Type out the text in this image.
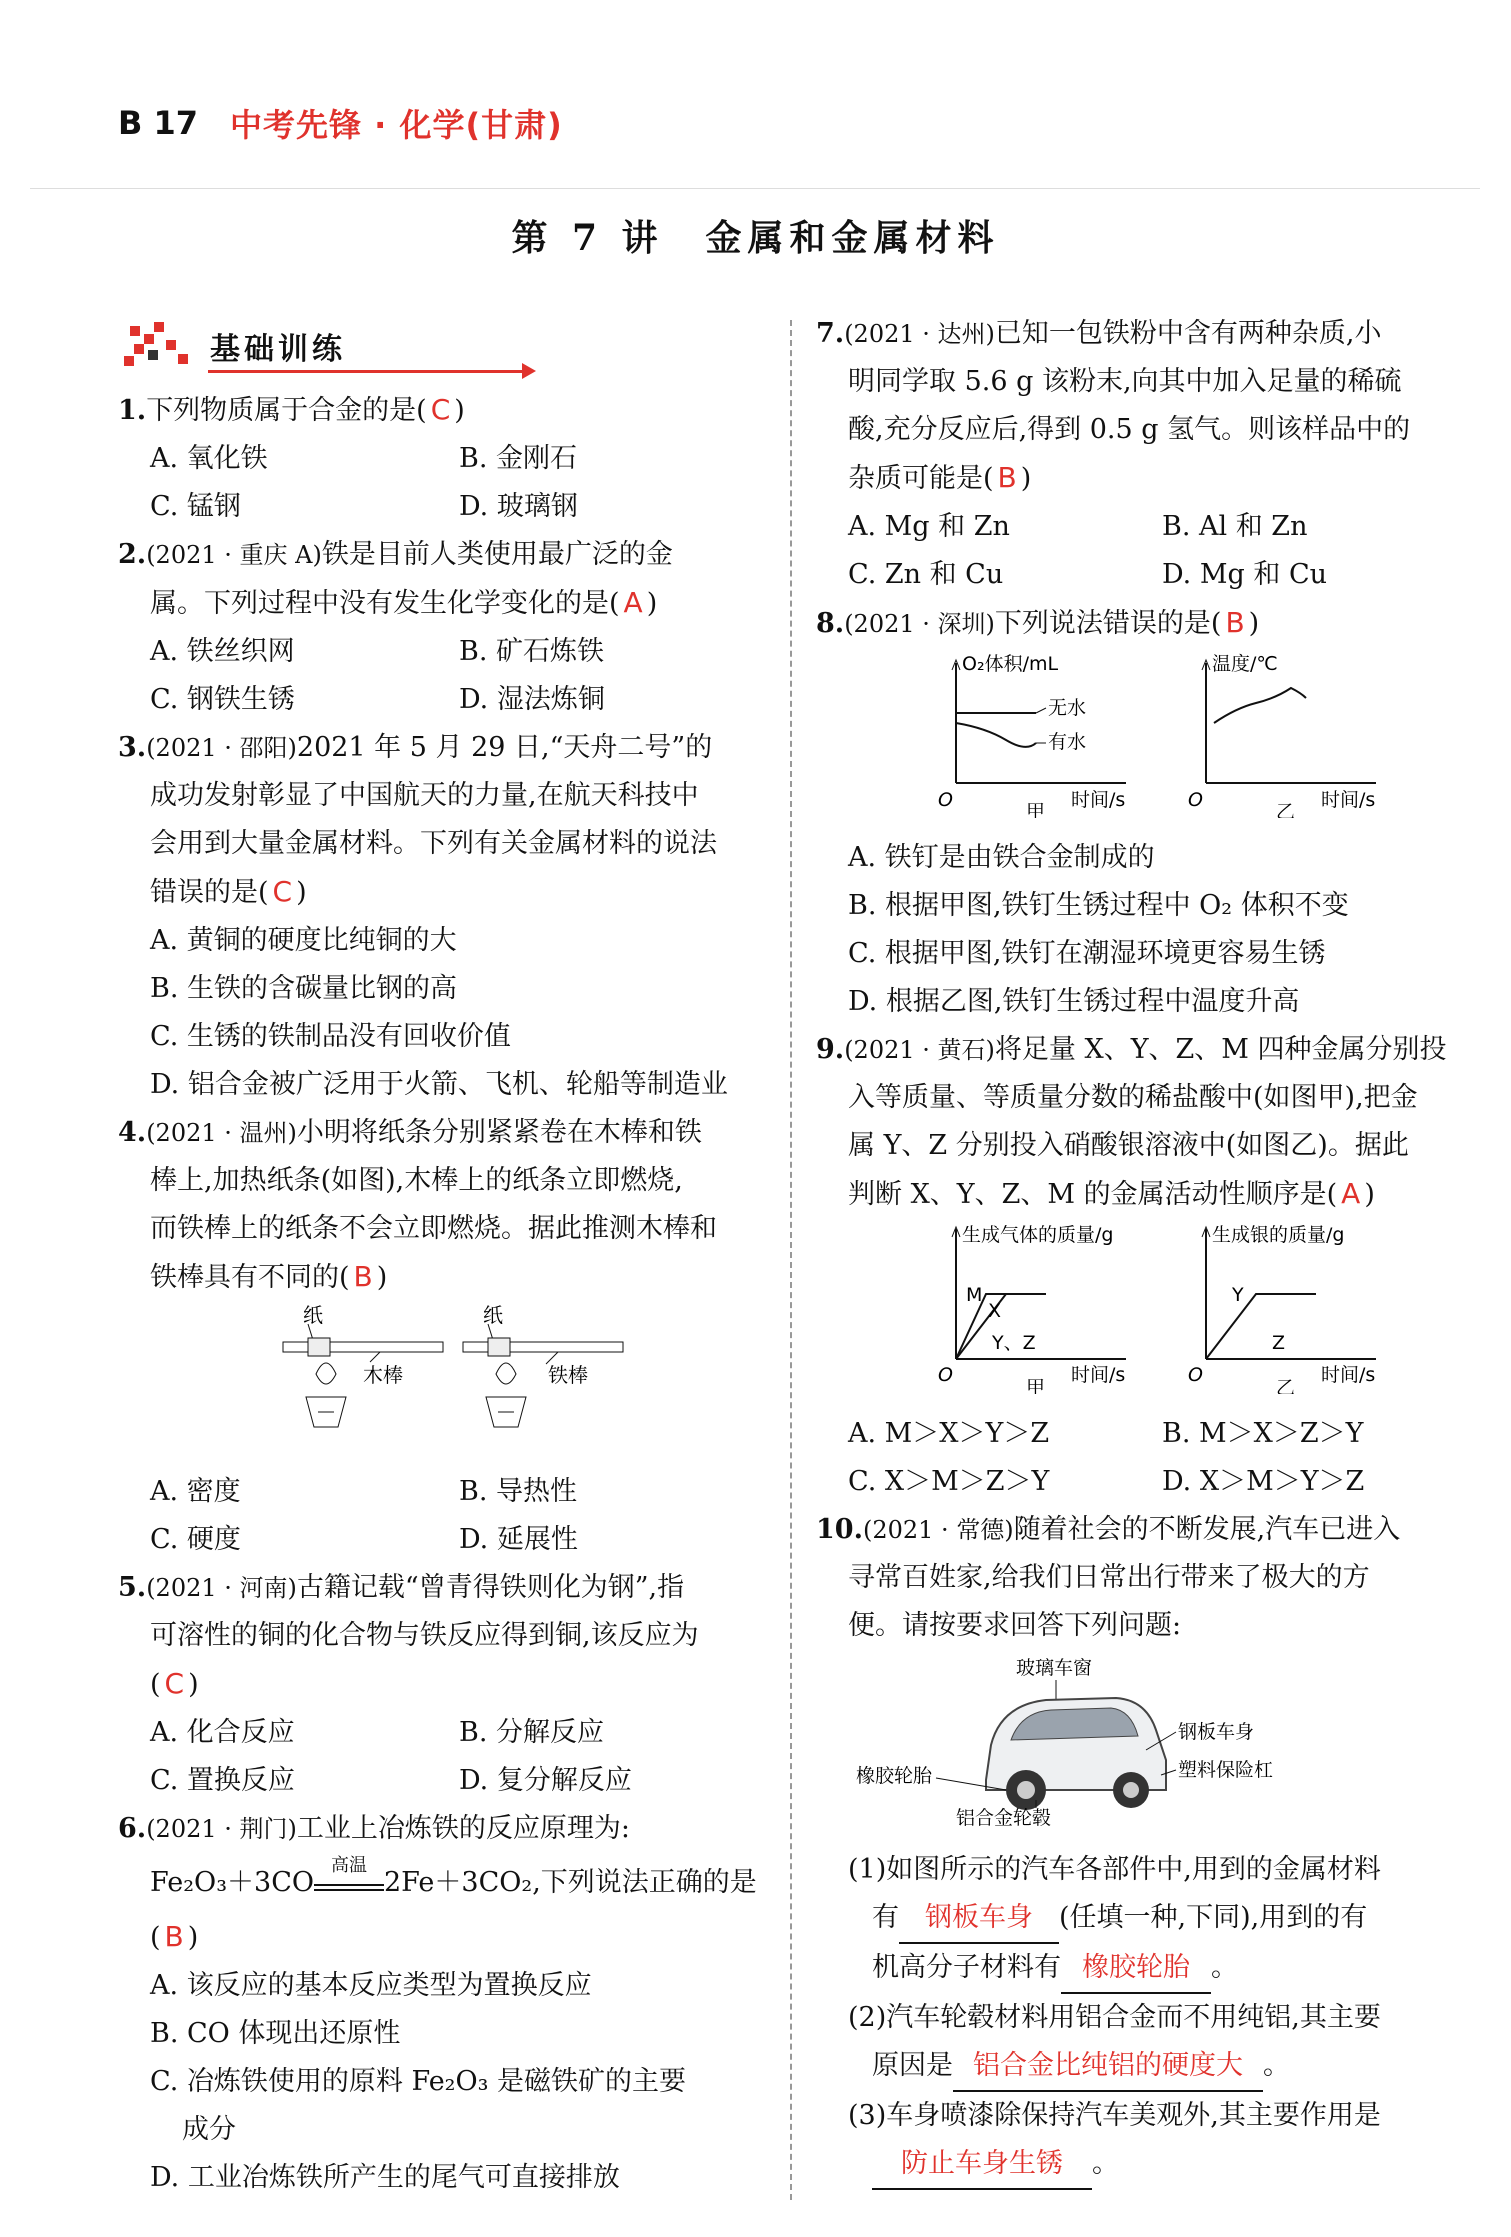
B 17 中考先锋 · 化学(甘肃)
第 7 讲　金属和金属材料
基础训练
1.下列物质属于合金的是( C )
A. 氧化铁	B. 金刚石
C. 锰钢	D. 玻璃钢
2.(2021 · 重庆 A)铁是目前人类使用最广泛的金
属。下列过程中没有发生化学变化的是( A )
A. 铁丝织网	B. 矿石炼铁
C. 钢铁生锈	D. 湿法炼铜
3.(2021 · 邵阳)2021 年 5 月 29 日,“天舟二号”的
成功发射彰显了中国航天的力量,在航天科技中
会用到大量金属材料。下列有关金属材料的说法
错误的是( C )
A. 黄铜的硬度比纯铜的大
B. 生铁的含碳量比钢的高
C. 生锈的铁制品没有回收价值
D. 铝合金被广泛用于火箭、飞机、轮船等制造业
4.(2021 · 温州)小明将纸条分别紧紧卷在木棒和铁
棒上,加热纸条(如图),木棒上的纸条立即燃烧,
而铁棒上的纸条不会立即燃烧。据此推测木棒和
铁棒具有不同的( B )
纸
木棒
纸
铁棒
A. 密度	B. 导热性
C. 硬度	D. 延展性
5.(2021 · 河南)古籍记载“曾青得铁则化为钢”,指
可溶性的铜的化合物与铁反应得到铜,该反应为
( C )
A. 化合反应	B. 分解反应
C. 置换反应	D. 复分解反应
6.(2021 · 荆门)工业上冶炼铁的反应原理为:
Fe₂O₃＋3CO
高温
2Fe＋3CO₂,下列说法正确的是
( B )
A. 该反应的基本反应类型为置换反应
B. CO 体现出还原性
C. 冶炼铁使用的原料 Fe₂O₃ 是磁铁矿的主要
成分
D. 工业冶炼铁所产生的尾气可直接排放
7.(2021 · 达州)已知一包铁粉中含有两种杂质,小
明同学取 5.6 g 该粉末,向其中加入足量的稀硫
酸,充分反应后,得到 0.5 g 氢气。则该样品中的
杂质可能是( B )
A. Mg 和 Zn	B. Al 和 Zn
C. Zn 和 Cu	D. Mg 和 Cu
8.(2021 · 深圳)下列说法错误的是( B )
O₂体积/mL
O	时间/s
甲
无水
有水
温度/℃
O	时间/s
乙
A. 铁钉是由铁合金制成的
B. 根据甲图,铁钉生锈过程中 O₂ 体积不变
C. 根据甲图,铁钉在潮湿环境更容易生锈
D. 根据乙图,铁钉生锈过程中温度升高
9.(2021 · 黄石)将足量 X、Y、Z、M 四种金属分别投
入等质量、等质量分数的稀盐酸中(如图甲),把金
属 Y、Z 分别投入硝酸银溶液中(如图乙)。据此
判断 X、Y、Z、M 的金属活动性顺序是( A )
生成气体的质量/g
O	时间/s
甲
M
X
Y、Z
生成银的质量/g
O	时间/s
乙
Y
Z
A. M＞X＞Y＞Z	B. M＞X＞Z＞Y
C. X＞M＞Z＞Y	D. X＞M＞Y＞Z
10.(2021 · 常德)随着社会的不断发展,汽车已进入
寻常百姓家,给我们日常出行带来了极大的方
便。请按要求回答下列问题:
玻璃车窗
钢板车身
塑料保险杠
橡胶轮胎
铝合金轮毂
(1)如图所示的汽车各部件中,用到的金属材料
有 钢板车身 (任填一种,下同),用到的有
机高分子材料有 橡胶轮胎 。
(2)汽车轮毂材料用铝合金而不用纯铝,其主要
原因是 铝合金比纯铝的硬度大 。
(3)车身喷漆除保持汽车美观外,其主要作用是
防止车身生锈 。
